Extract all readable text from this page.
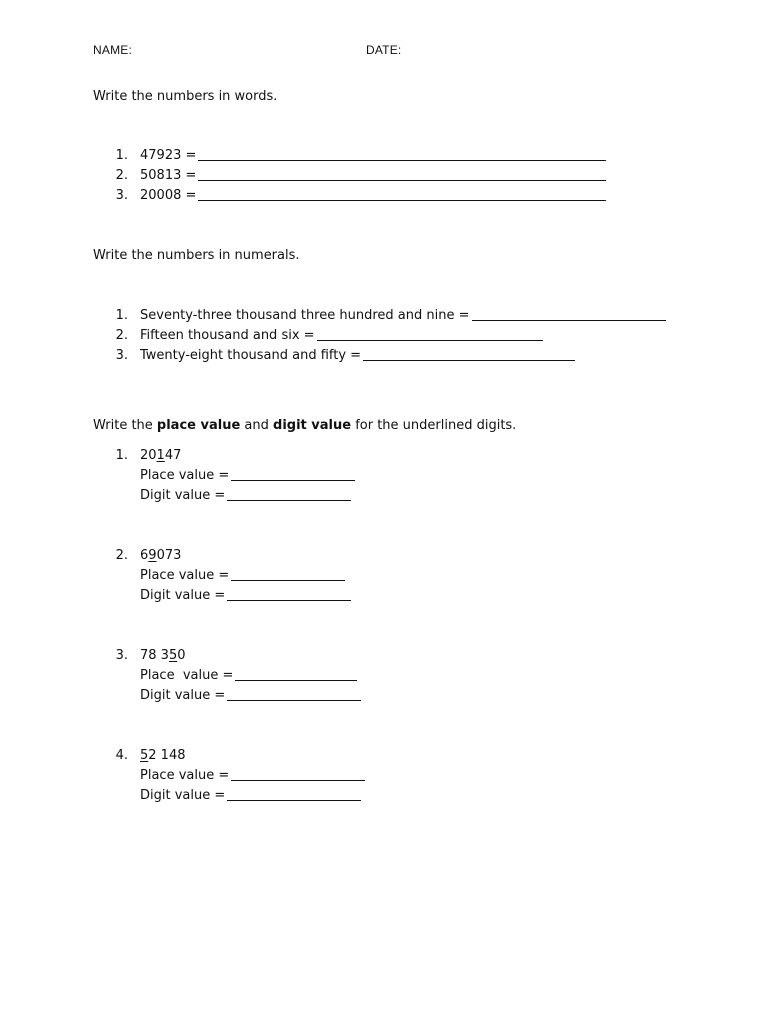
NAME:	DATE:
Write the numbers in words.
1. 47923 =
2. 50813 =
3. 20008 =
Write the numbers in numerals.
1. Seventy-three thousand three hundred and nine =
2. Fifteen thousand and six =
3. Twenty-eight thousand and fifty =
Write the place value and digit value for the underlined digits.
1. 20 1 47
Place value =
Digit value =
2. 6 9 073
Place value =
Digit value =
3. 78 3 5 0
Place  value =
Digit value =
4. 5 2 148
Place value =
Digit value =
